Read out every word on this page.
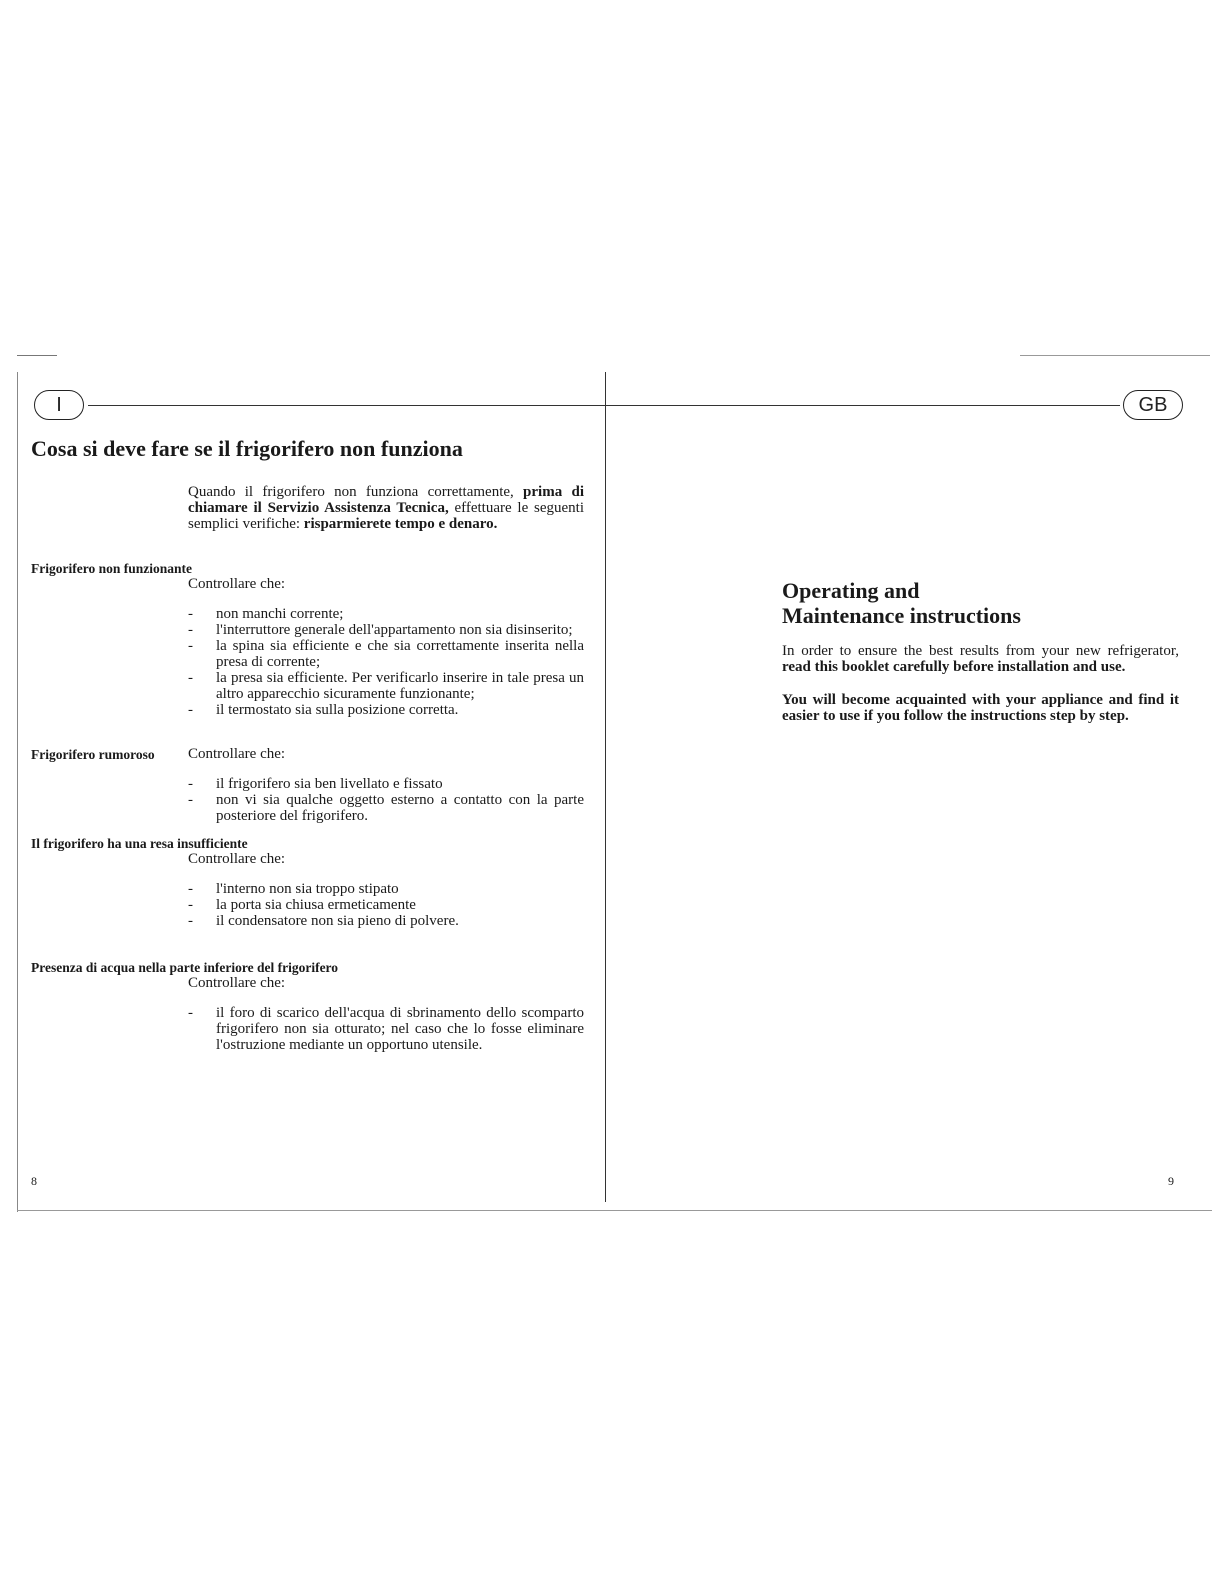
I
Cosa si deve fare se il frigorifero non funziona
Quando il frigorifero non funziona correttamente, prima di chiamare il Servizio Assistenza Tecnica, effettuare le seguenti semplici verifiche: risparmierete tempo e denaro.
Frigorifero non funzionante
Controllare che:
- non manchi corrente;
- l'interruttore generale dell'appartamento non sia disinserito;
- la spina sia efficiente e che sia correttamente inserita nella presa di corrente;
- la presa sia efficiente. Per verificarlo inserire in tale presa un altro apparecchio sicuramente funzionante;
- il termostato sia sulla posizione corretta.
Frigorifero rumoroso Controllare che:
- il frigorifero sia ben livellato e fissato
- non vi sia qualche oggetto esterno a contatto con la parte posteriore del frigorifero.
Il frigorifero ha una resa insufficiente
Controllare che:
- l'interno non sia troppo stipato
- la porta sia chiusa ermeticamente
- il condensatore non sia pieno di polvere.
Presenza di acqua nella parte inferiore del frigorifero
Controllare che:
- il foro di scarico dell'acqua di sbrinamento dello scomparto frigorifero non sia otturato; nel caso che lo fosse eliminare l'ostruzione mediante un opportuno utensile.
8
GB
Operating and
Maintenance instructions
In order to ensure the best results from your new refrigerator, read this booklet carefully before installation and use.
You will become acquainted with your appliance and find it easier to use if you follow the instructions step by step.
9
